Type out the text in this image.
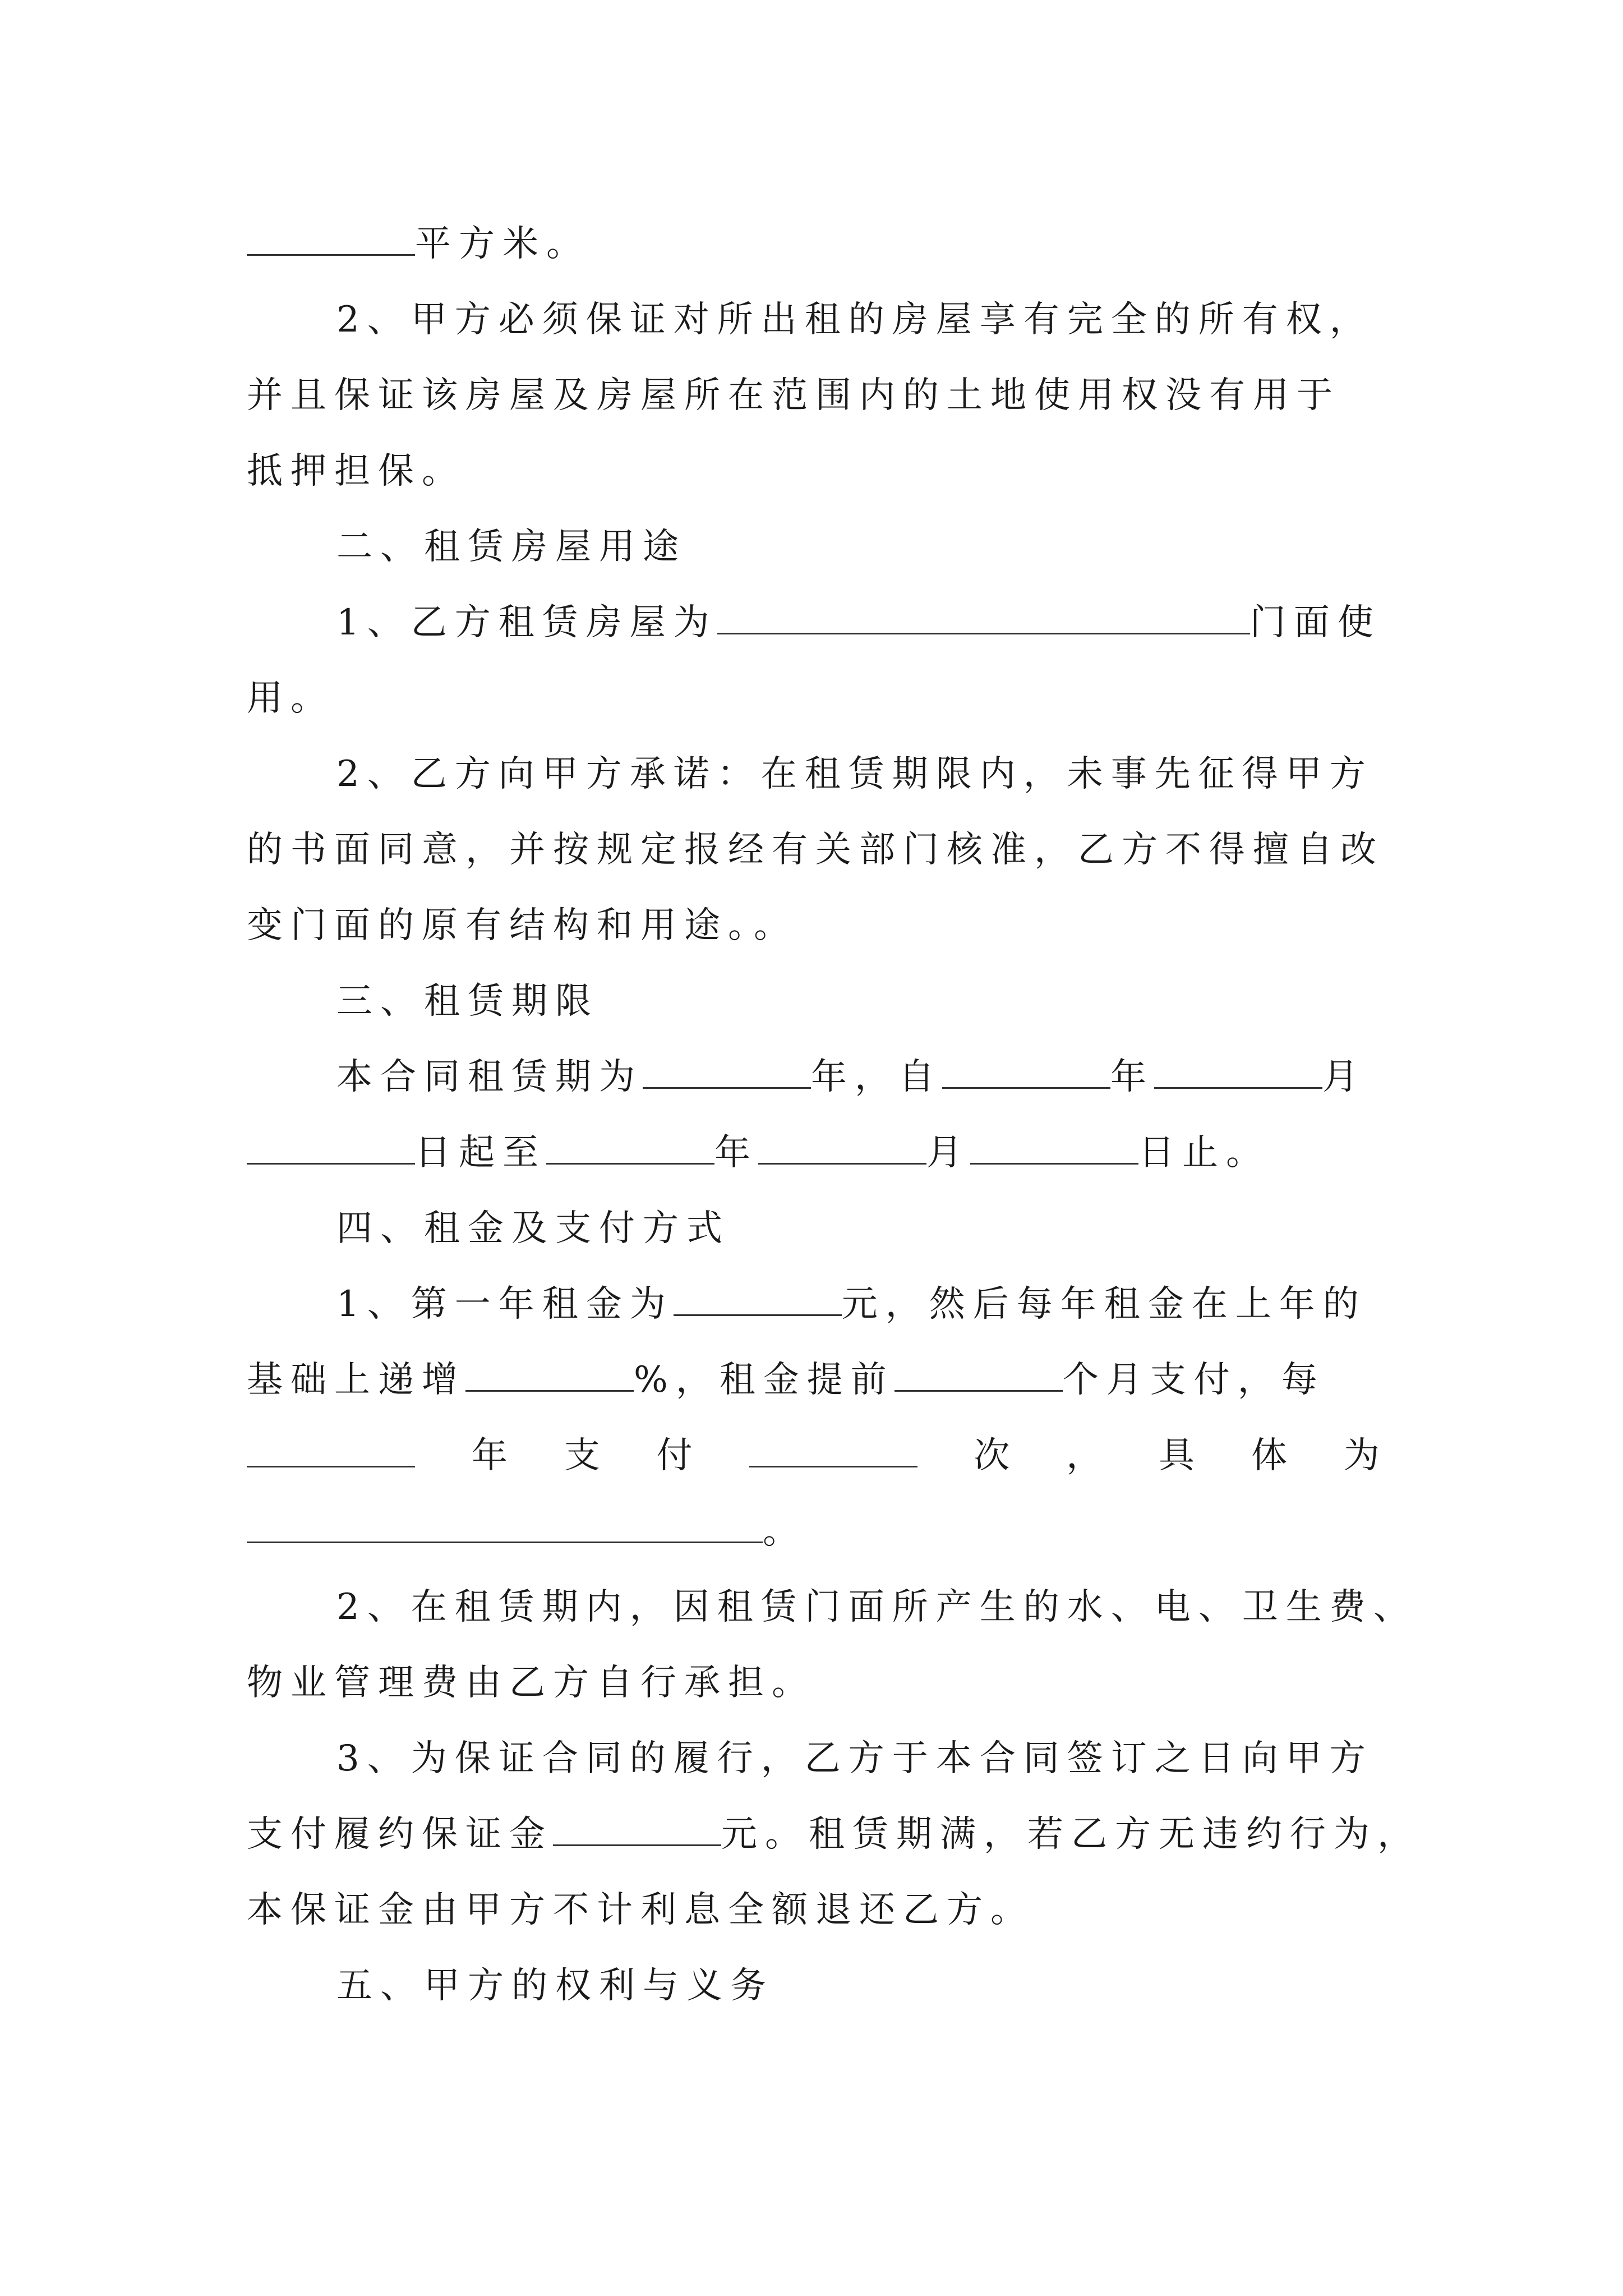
平方米。
2、甲方必须保证对所出租的房屋享有完全的所有权，
并且保证该房屋及房屋所在范围内的土地使用权没有用于
抵押担保。
二、租赁房屋用途
1、乙方租赁房屋为	门面使
用。
2、乙方向甲方承诺：在租赁期限内，未事先征得甲方
的书面同意，并按规定报经有关部门核准，乙方不得擅自改
变门面的原有结构和用途。。
三、租赁期限
本合同租赁期为	年，自	年	月
日起至	年	月	日止。
四、租金及支付方式
1、第一年租金为	元，然后每年租金在上年的
基础上递增	%，租金提前	个月支付，每
年 支 付	次 ， 具 体 为
。
2、在租赁期内，因租赁门面所产生的水、电、卫生费、
物业管理费由乙方自行承担。
3、为保证合同的履行，乙方于本合同签订之日向甲方
支付履约保证金	元。租赁期满，若乙方无违约行为，
本保证金由甲方不计利息全额退还乙方。
五、甲方的权利与义务
